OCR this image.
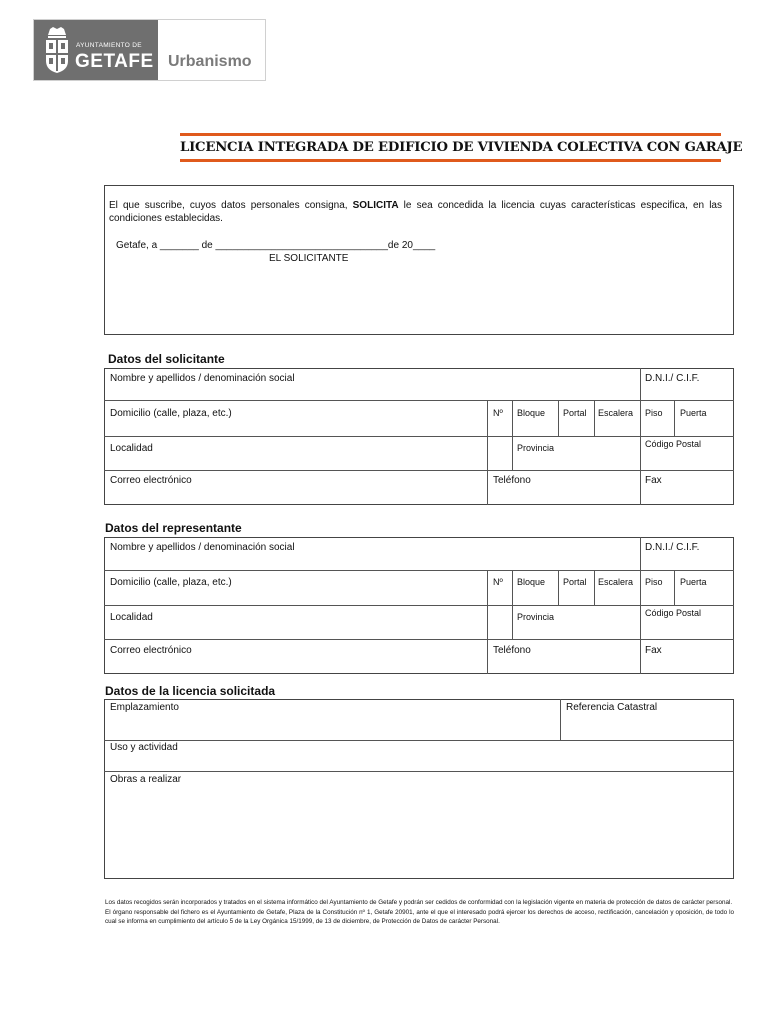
AYUNTAMIENTO DE
GETAFE Urbanismo
LICENCIA INTEGRADA DE EDIFICIO DE VIVIENDA COLECTIVA CON GARAJE
El que suscribe, cuyos datos personales consigna, SOLICITA le sea concedida la licencia cuyas características especifica, en las condiciones establecidas.
Getafe, a _______ de _______________________________de 20____
EL SOLICITANTE
Datos del solicitante
Nombre y apellidos / denominación social	D.N.I./ C.I.F.
Domicilio (calle, plaza, etc.)	Nº Bloque Portal Escalera Piso Puerta
Localidad	Provincia	Código Postal
Correo electrónico	Teléfono	Fax
Datos del representante
Nombre y apellidos / denominación social	D.N.I./ C.I.F.
Domicilio (calle, plaza, etc.)	Nº Bloque Portal Escalera Piso Puerta
Localidad	Provincia	Código Postal
Correo electrónico	Teléfono	Fax
Datos de la licencia solicitada
Emplazamiento	Referencia Catastral
Uso y actividad
Obras a realizar
Los datos recogidos serán incorporados y tratados en el sistema informático del Ayuntamiento de Getafe y podrán ser cedidos de conformidad con la legislación vigente en materia de protección de datos de carácter personal.
El órgano responsable del fichero es el Ayuntamiento de Getafe, Plaza de la Constitución nº 1, Getafe 20901, ante el que el interesado podrá ejercer los derechos de acceso, rectificación, cancelación y oposición, de todo lo cual se informa en cumplimiento del artículo 5 de la Ley Orgánica 15/1999, de 13 de diciembre, de Protección de Datos de carácter Personal.
